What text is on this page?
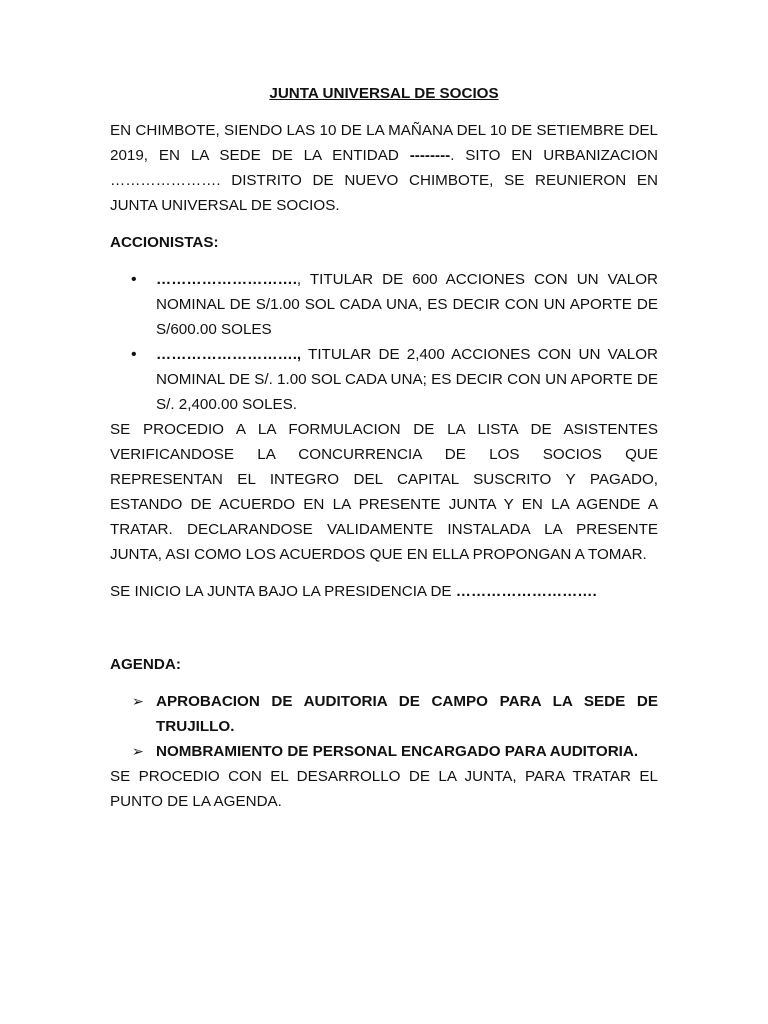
JUNTA UNIVERSAL DE SOCIOS

EN CHIMBOTE, SIENDO LAS 10 DE LA MAÑANA DEL 10 DE SETIEMBRE DEL 2019, EN LA SEDE DE LA ENTIDAD --------. SITO EN URBANIZACION …………………. DISTRITO DE NUEVO CHIMBOTE, SE REUNIERON EN JUNTA UNIVERSAL DE SOCIOS.

ACCIONISTAS:

• ………………………., TITULAR DE 600 ACCIONES CON UN VALOR NOMINAL DE S/1.00 SOL CADA UNA, ES DECIR CON UN APORTE DE S/600.00 SOLES
• ………………………., TITULAR DE 2,400 ACCIONES CON UN VALOR NOMINAL DE S/. 1.00 SOL CADA UNA; ES DECIR CON UN APORTE DE S/. 2,400.00 SOLES.

SE PROCEDIO A LA FORMULACION DE LA LISTA DE ASISTENTES VERIFICANDOSE LA CONCURRENCIA DE LOS SOCIOS QUE REPRESENTAN EL INTEGRO DEL CAPITAL SUSCRITO Y PAGADO, ESTANDO DE ACUERDO EN LA PRESENTE JUNTA Y EN LA AGENDE A TRATAR. DECLARANDOSE VALIDAMENTE INSTALADA LA PRESENTE JUNTA, ASI COMO LOS ACUERDOS QUE EN ELLA PROPONGAN A TOMAR.

SE INICIO LA JUNTA BAJO LA PRESIDENCIA DE ……………………….

AGENDA:

➢ APROBACION DE AUDITORIA DE CAMPO PARA LA SEDE DE TRUJILLO.
➢ NOMBRAMIENTO DE PERSONAL ENCARGADO PARA AUDITORIA.

SE PROCEDIO CON EL DESARROLLO DE LA JUNTA, PARA TRATAR EL PUNTO DE LA AGENDA.
